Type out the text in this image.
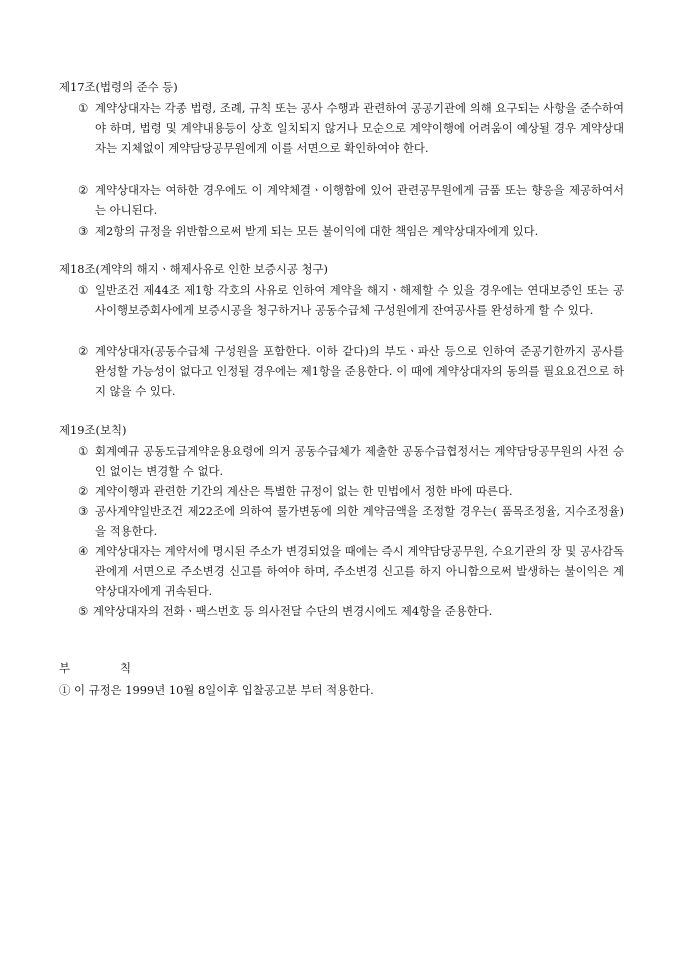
제17조(법령의 준수 등)
① 계약상대자는 각종 법령, 조례, 규칙 또는 공사 수행과 관련하여 공공기관에 의해 요구되는 사항을 준수하여야 하며, 법령 및 계약내용등이 상호 일치되지 않거나 모순으로 계약이행에 어려움이 예상될 경우 계약상대자는 지체없이 계약담당공무원에게 이를 서면으로 확인하여야 한다.
② 계약상대자는 여하한 경우에도 이 계약체결ㆍ이행함에 있어 관련공무원에게 금품 또는 향응을 제공하여서는 아니된다.
③ 제2항의 규정을 위반함으로써 받게 되는 모든 불이익에 대한 책임은 계약상대자에게 있다.
제18조(계약의 해지ㆍ해제사유로 인한 보증시공 청구)
① 일반조건 제44조 제1항 각호의 사유로 인하여 계약을 해지ㆍ해제할 수 있을 경우에는 연대보증인 또는 공사이행보증회사에게 보증시공을 청구하거나 공동수급체 구성원에게 잔여공사를 완성하게 할 수 있다.
② 계약상대자(공동수급체 구성원을 포함한다. 이하 같다)의 부도ㆍ파산 등으로 인하여 준공기한까지 공사를 완성할 가능성이 없다고 인정될 경우에는 제1항을 준용한다. 이 때에 계약상대자의 동의를 필요요건으로 하지 않을 수 있다.
제19조(보칙)
① 회계예규 공동도급계약운용요령에 의거 공동수급체가 제출한 공동수급협정서는 계약담당공무원의 사전 승인 없이는 변경할 수 없다.
② 계약이행과 관련한 기간의 계산은 특별한 규정이 없는 한 민법에서 정한 바에 따른다.
③ 공사계약일반조건 제22조에 의하여 물가변동에 의한 계약금액을 조정할 경우는( 품목조정율, 지수조정율)을 적용한다.
④ 계약상대자는 계약서에 명시된 주소가 변경되었을 때에는 즉시 계약담당공무원, 수요기관의 장 및 공사감독관에게 서면으로 주소변경 신고를 하여야 하며, 주소변경 신고를 하지 아니함으로써 발생하는 불이익은 계약상대자에게 귀속된다.
⑤ 계약상대자의 전화ㆍ팩스번호 등 의사전달 수단의 변경시에도 제4항을 준용한다.
부	칙
① 이 규정은 1999년 10월 8일이후 입찰공고분 부터 적용한다.
